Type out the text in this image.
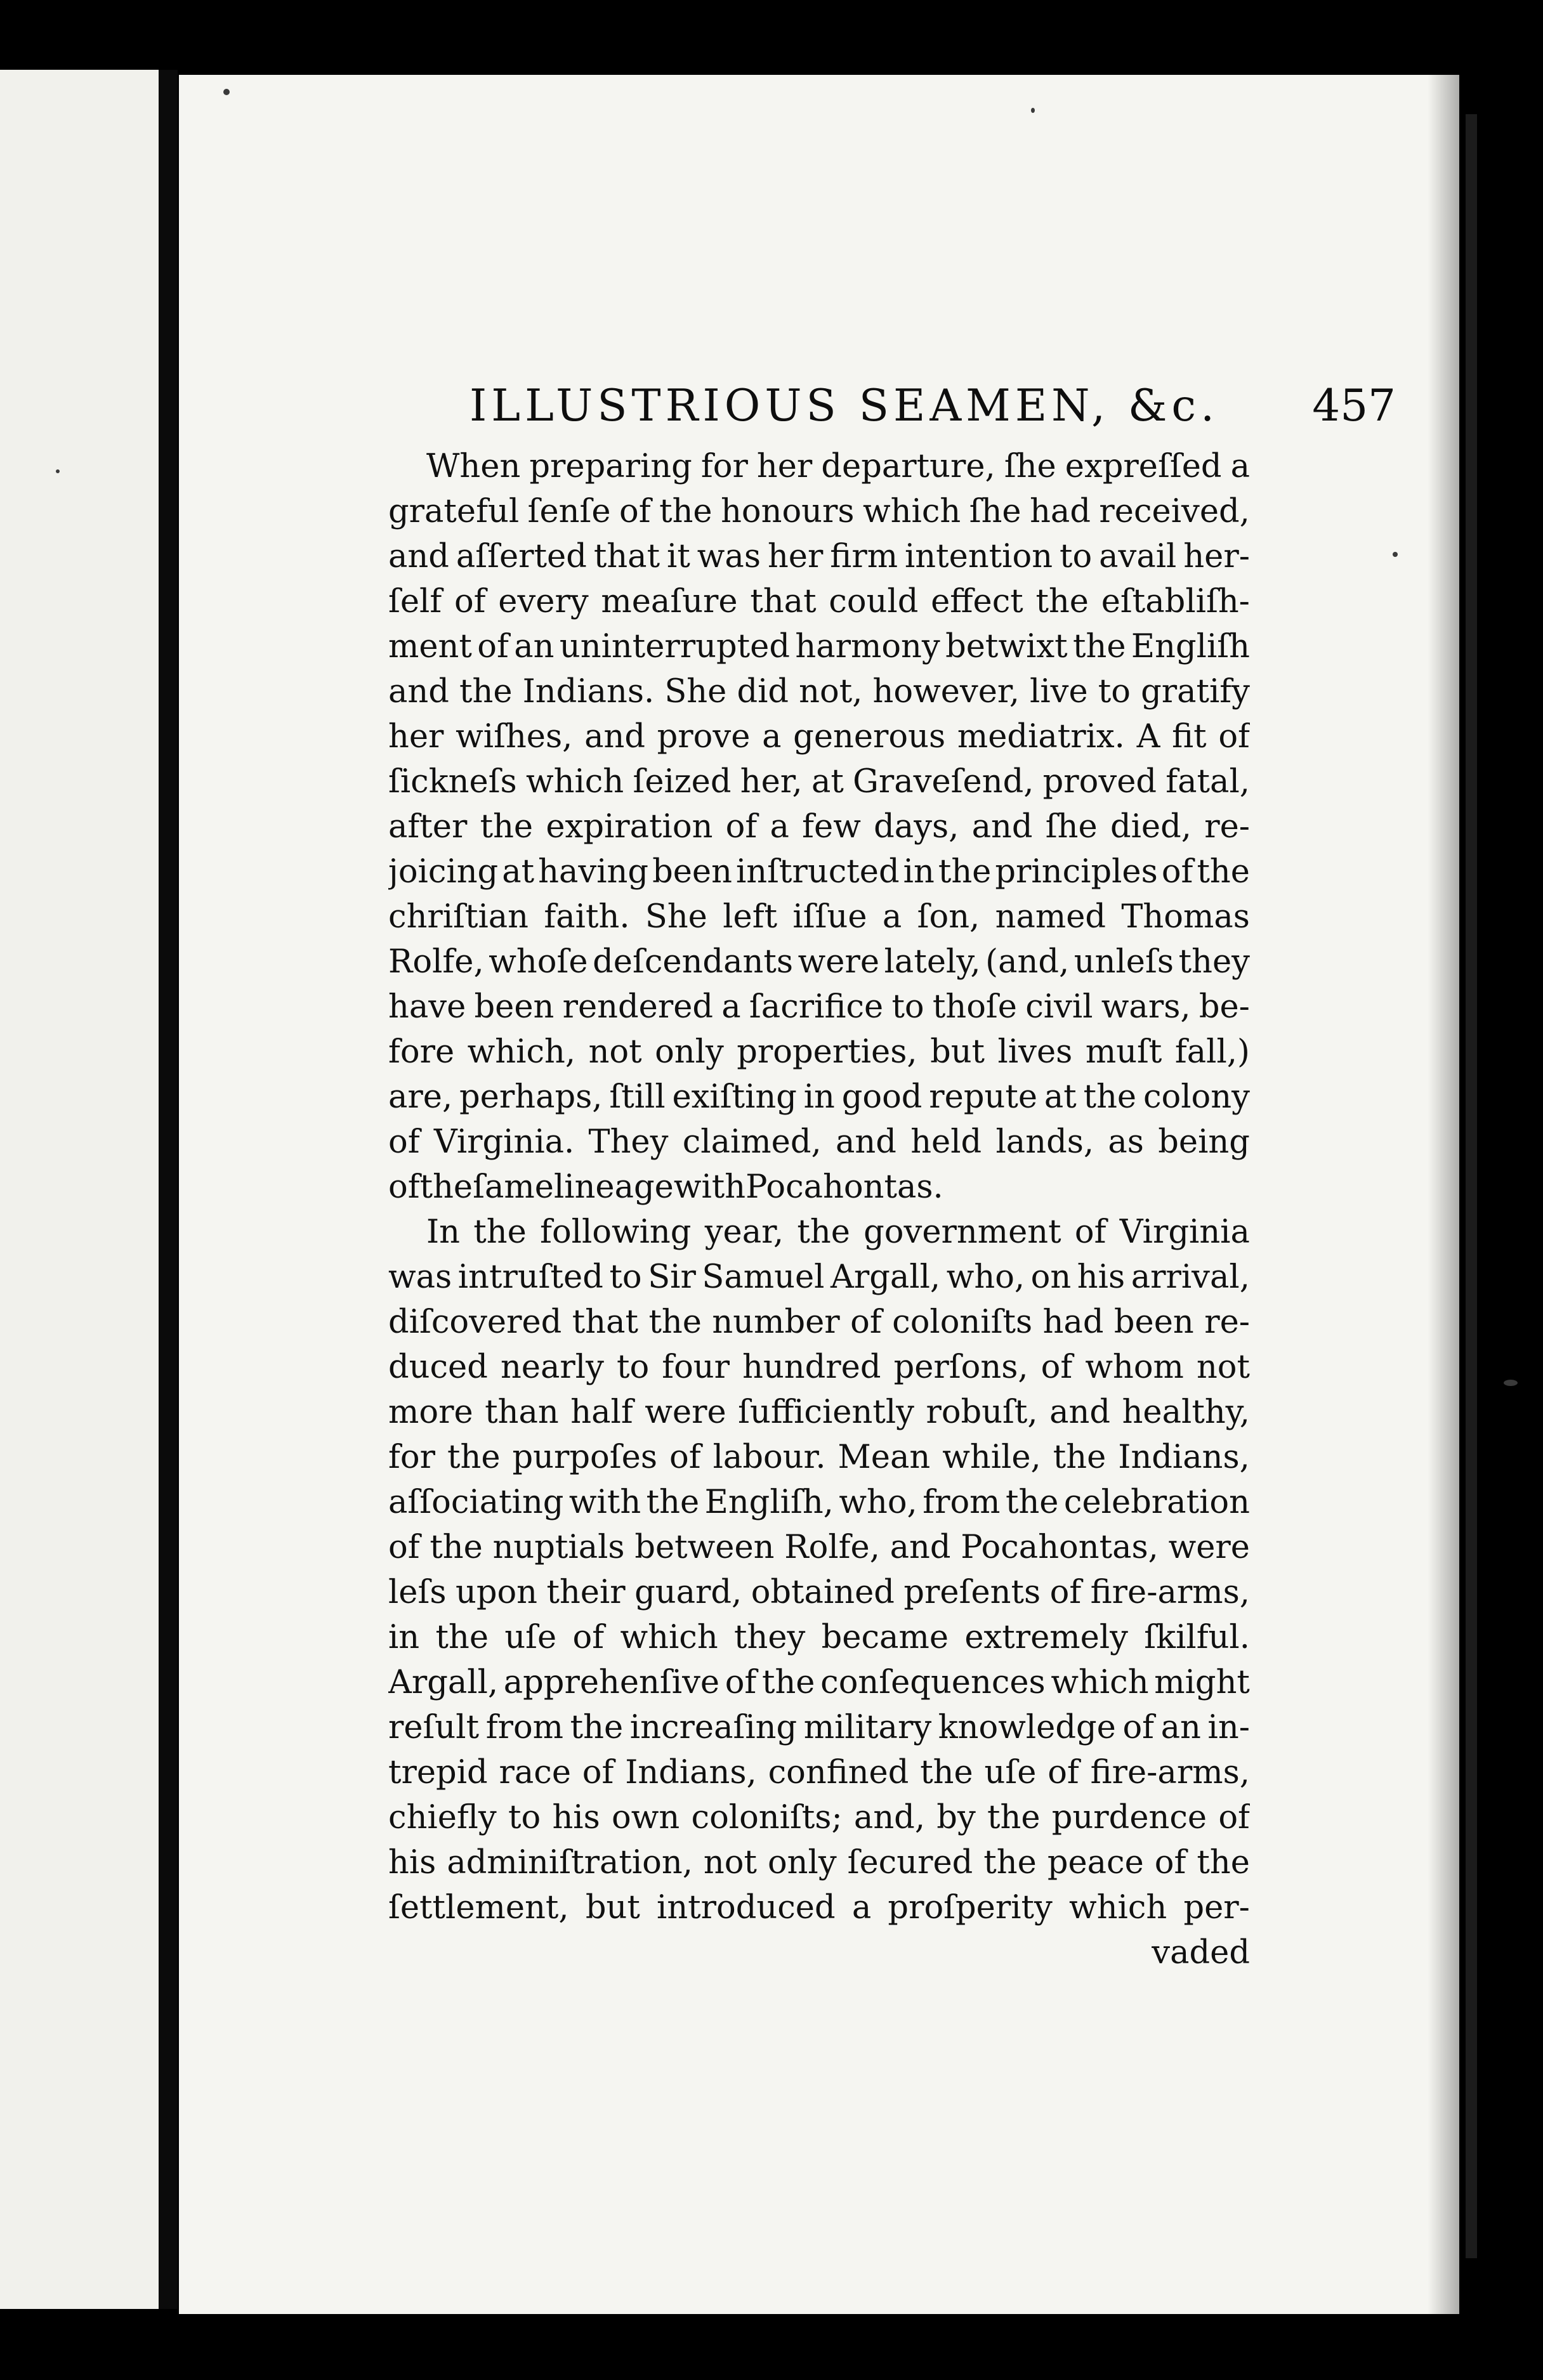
ILLUSTRIOUS SEAMEN, &c. 457
When preparing for her departure, ſhe expreſſed a
grateful ſenſe of the honours which ſhe had received,
and aſſerted that it was her firm intention to avail her-
ſelf of every meaſure that could effect the eſtabliſh-
ment of an uninterrupted harmony betwixt the Engliſh
and the Indians. She did not, however, live to gratify
her wiſhes, and prove a generous mediatrix. A fit of
ſickneſs which ſeized her, at Graveſend, proved fatal,
after the expiration of a few days, and ſhe died, re-
joicing at having been inſtructed in the principles of the
chriſtian faith. She left iſſue a ſon, named Thomas
Rolfe, whoſe deſcendants were lately, (and, unleſs they
have been rendered a ſacrifice to thoſe civil wars, be-
fore which, not only properties, but lives muſt fall,)
are, perhaps, ſtill exiſting in good repute at the colony
of Virginia. They claimed, and held lands, as being
of the ſame lineage with Pocahontas.
In the following year, the government of Virginia
was intruſted to Sir Samuel Argall, who, on his arrival,
diſcovered that the number of coloniſts had been re-
duced nearly to four hundred perſons, of whom not
more than half were ſufficiently robuſt, and healthy,
for the purpoſes of labour. Mean while, the Indians,
aſſociating with the Engliſh, who, from the celebration
of the nuptials between Rolfe, and Pocahontas, were
leſs upon their guard, obtained preſents of fire-arms,
in the uſe of which they became extremely ſkilful.
Argall, apprehenſive of the conſequences which might
reſult from the increaſing military knowledge of an in-
trepid race of Indians, confined the uſe of fire-arms,
chiefly to his own coloniſts; and, by the purdence of
his adminiſtration, not only ſecured the peace of the
ſettlement, but introduced a proſperity which per-
vaded
